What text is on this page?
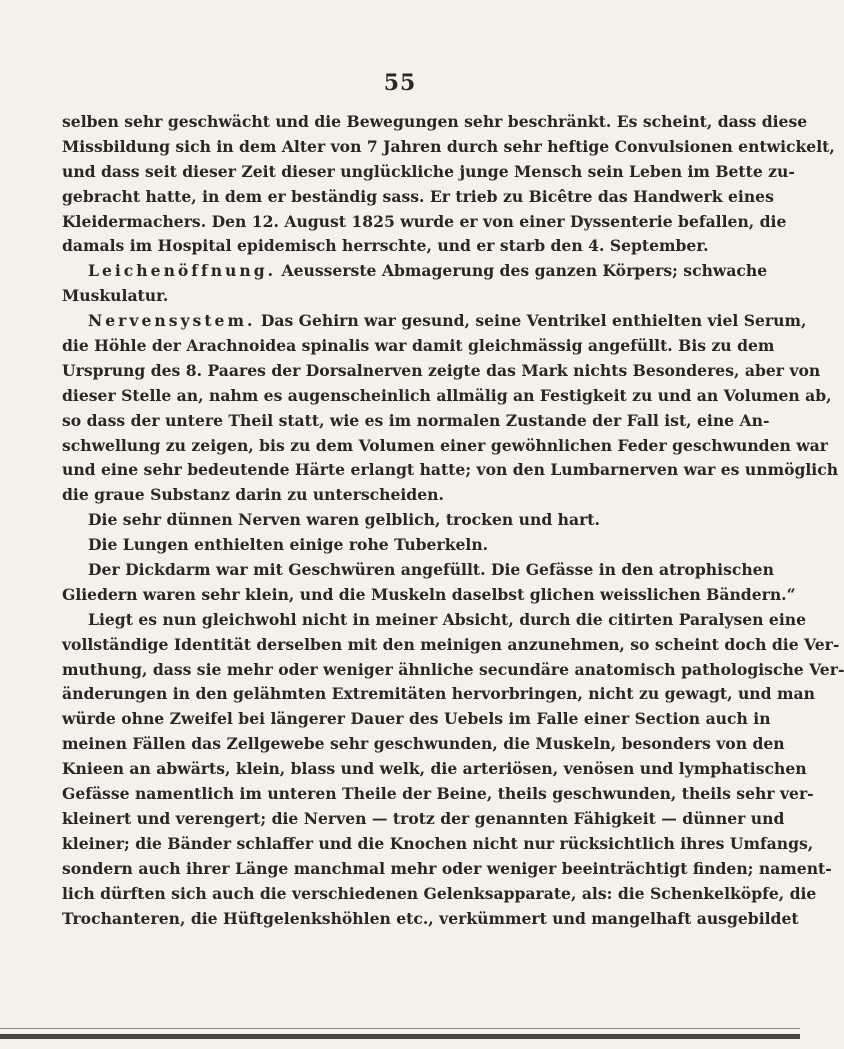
55
selben sehr geschwächt und die Bewegungen sehr beschränkt. Es scheint, dass diese
Missbildung sich in dem Alter von 7 Jahren durch sehr heftige Convulsionen entwickelt,
und dass seit dieser Zeit dieser unglückliche junge Mensch sein Leben im Bette zu-
gebracht hatte, in dem er beständig sass. Er trieb zu Bicêtre das Handwerk eines
Kleidermachers. Den 12. August 1825 wurde er von einer Dyssenterie befallen, die
damals im Hospital epidemisch herrschte, und er starb den 4. September.
Leichenöffnung. Aeusserste Abmagerung des ganzen Körpers; schwache
Muskulatur.
Nervensystem. Das Gehirn war gesund, seine Ventrikel enthielten viel Serum,
die Höhle der Arachnoidea spinalis war damit gleichmässig angefüllt. Bis zu dem
Ursprung des 8. Paares der Dorsalnerven zeigte das Mark nichts Besonderes, aber von
dieser Stelle an, nahm es augenscheinlich allmälig an Festigkeit zu und an Volumen ab,
so dass der untere Theil statt, wie es im normalen Zustande der Fall ist, eine An-
schwellung zu zeigen, bis zu dem Volumen einer gewöhnlichen Feder geschwunden war
und eine sehr bedeutende Härte erlangt hatte; von den Lumbarnerven war es unmöglich
die graue Substanz darin zu unterscheiden.
Die sehr dünnen Nerven waren gelblich, trocken und hart.
Die Lungen enthielten einige rohe Tuberkeln.
Der Dickdarm war mit Geschwüren angefüllt. Die Gefässe in den atrophischen
Gliedern waren sehr klein, und die Muskeln daselbst glichen weisslichen Bändern.“
Liegt es nun gleichwohl nicht in meiner Absicht, durch die citirten Paralysen eine
vollständige Identität derselben mit den meinigen anzunehmen, so scheint doch die Ver-
muthung, dass sie mehr oder weniger ähnliche secundäre anatomisch pathologische Ver-
änderungen in den gelähmten Extremitäten hervorbringen, nicht zu gewagt, und man
würde ohne Zweifel bei längerer Dauer des Uebels im Falle einer Section auch in
meinen Fällen das Zellgewebe sehr geschwunden, die Muskeln, besonders von den
Knieen an abwärts, klein, blass und welk, die arteriösen, venösen und lymphatischen
Gefässe namentlich im unteren Theile der Beine, theils geschwunden, theils sehr ver-
kleinert und verengert; die Nerven — trotz der genannten Fähigkeit — dünner und
kleiner; die Bänder schlaffer und die Knochen nicht nur rücksichtlich ihres Umfangs,
sondern auch ihrer Länge manchmal mehr oder weniger beeinträchtigt finden; nament-
lich dürften sich auch die verschiedenen Gelenksapparate, als: die Schenkelköpfe, die
Trochanteren, die Hüftgelenkshöhlen etc., verkümmert und mangelhaft ausgebildet
